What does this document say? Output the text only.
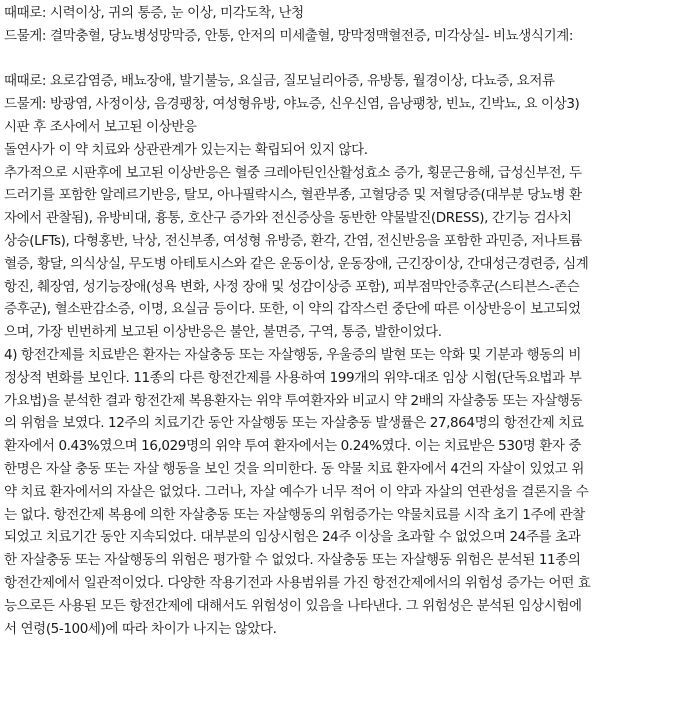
때때로: 시력이상, 귀의 통증, 눈 이상, 미각도착, 난청
드물게: 결막충혈, 당뇨병성망막증, 안통, 안저의 미세출혈, 망막정맥혈전증, 미각상실- 비뇨생식기계:
때때로: 요로감염증, 배뇨장애, 발기불능, 요실금, 질모닐리아증, 유방통, 월경이상, 다뇨증, 요저류
드물게: 방광염, 사정이상, 음경팽창, 여성형유방, 야뇨증, 신우신염, 음낭팽창, 빈뇨, 긴박뇨, 요 이상3)
시판 후 조사에서 보고된 이상반응
돌연사가 이 약 치료와 상관관계가 있는지는 확립되어 있지 않다.
추가적으로 시판후에 보고된 이상반응은 혈중 크레아틴인산활성효소 증가, 횡문근융해, 급성신부전, 두
드러기를 포함한 알레르기반응, 탈모, 아나필락시스, 혈관부종, 고혈당증 및 저혈당증(대부분 당뇨병 환
자에서 관찰됨), 유방비대, 흉통, 호산구 증가와 전신증상을 동반한 약물발진(DRESS), 간기능 검사치
상승(LFTs), 다형홍반, 낙상, 전신부종, 여성형 유방증, 환각, 간염, 전신반응을 포함한 과민증, 저나트륨
혈증, 황달, 의식상실, 무도병 아테토시스와 같은 운동이상, 운동장애, 근긴장이상, 간대성근경련증, 심계
항진, 췌장염, 성기능장애(성욕 변화, 사정 장애 및 성감이상증 포함), 피부점막안증후군(스티븐스-존슨
증후군), 혈소판감소증, 이명, 요실금 등이다. 또한, 이 약의 갑작스런 중단에 따른 이상반응이 보고되었
으며, 가장 빈번하게 보고된 이상반응은 불안, 불면증, 구역, 통증, 발한이었다.
4) 항전간제를 치료받은 환자는 자살충동 또는 자살행동, 우울증의 발현 또는 악화 및 기분과 행동의 비
정상적 변화를 보인다. 11종의 다른 항전간제를 사용하여 199개의 위약-대조 임상 시험(단독요법과 부
가요법)을 분석한 결과 항전간제 복용환자는 위약 투여환자와 비교시 약 2배의 자살충동 또는 자살행동
의 위험을 보였다. 12주의 치료기간 동안 자살행동 또는 자살충동 발생률은 27,864명의 항전간제 치료
환자에서 0.43%였으며 16,029명의 위약 투여 환자에서는 0.24%였다. 이는 치료받은 530명 환자 중
한명은 자살 충동 또는 자살 행동을 보인 것을 의미한다. 동 약물 치료 환자에서 4건의 자살이 있었고 위
약 치료 환자에서의 자살은 없었다. 그러나, 자살 예수가 너무 적어 이 약과 자살의 연관성을 결론지을 수
는 없다. 항전간제 복용에 의한 자살충동 또는 자살행동의 위험증가는 약물치료를 시작 초기 1주에 관찰
되었고 치료기간 동안 지속되었다. 대부분의 임상시험은 24주 이상을 초과할 수 없었으며 24주를 초과
한 자살충동 또는 자살행동의 위험은 평가할 수 없었다. 자살충동 또는 자살행동 위험은 분석된 11종의
항전간제에서 일관적이었다. 다양한 작용기전과 사용범위를 가진 항전간제에서의 위험성 증가는 어떤 효
능으로든 사용된 모든 항전간제에 대해서도 위험성이 있음을 나타낸다. 그 위험성은 분석된 임상시험에
서 연령(5-100세)에 따라 차이가 나지는 않았다.
